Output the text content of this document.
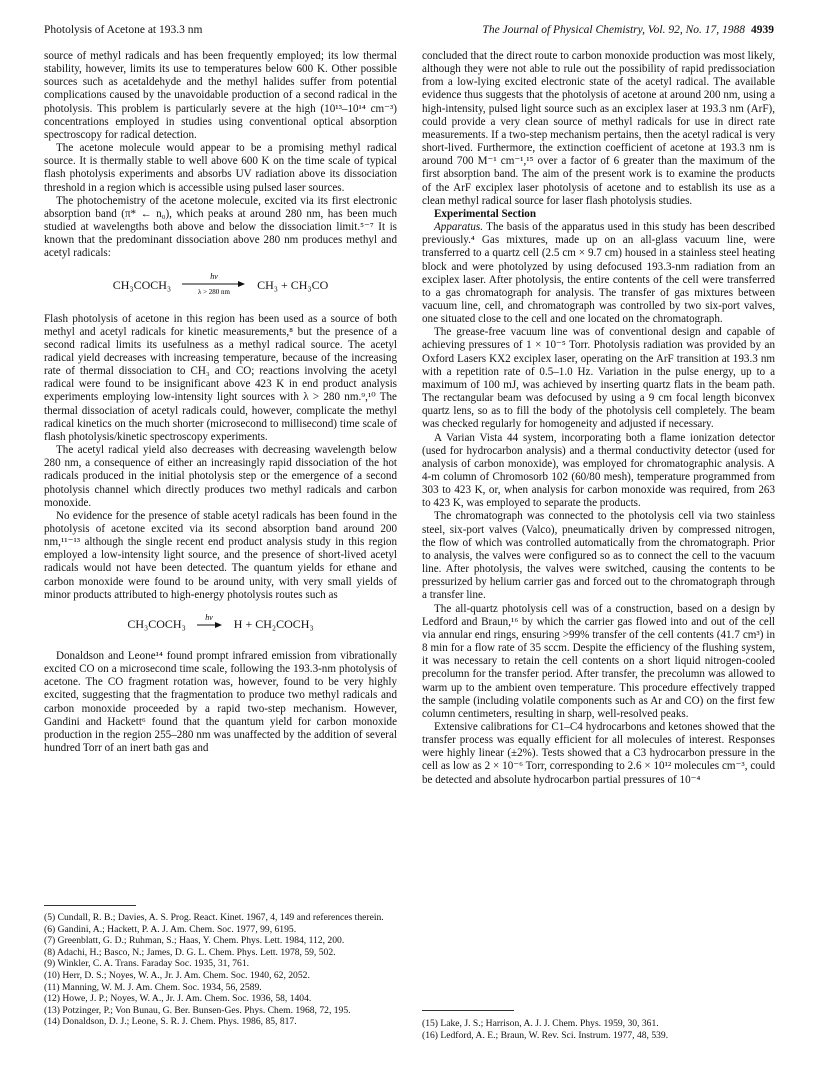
Photolysis of Acetone at 193.3 nm	The Journal of Physical Chemistry, Vol. 92, No. 17, 1988 4939

source of methyl radicals and has been frequently employed; its low thermal stability, however, limits its use to temperatures below 600 K. Other possible sources such as acetaldehyde and the methyl halides suffer from potential complications caused by the unavoidable production of a second radical in the photolysis. This problem is particularly severe at the high (10¹³–10¹⁴ cm⁻³) concentrations employed in studies using conventional optical absorption spectroscopy for radical detection.

The acetone molecule would appear to be a promising methyl radical source. It is thermally stable to well above 600 K on the time scale of typical flash photolysis experiments and absorbs UV radiation above its dissociation threshold in a region which is accessible using pulsed laser sources.

The photochemistry of the acetone molecule, excited via its first electronic absorption band (π* ← n₀), which peaks at around 280 nm, has been much studied at wavelengths both above and below the dissociation limit.⁵⁻⁷ It is known that the predominant dissociation above 280 nm produces methyl and acetyl radicals:

CH₃COCH₃
hν
λ > 280 nm
CH₃ + CH₃CO

Flash photolysis of acetone in this region has been used as a source of both methyl and acetyl radicals for kinetic measurements,⁸ but the presence of a second radical limits its usefulness as a methyl radical source. The acetyl radical yield decreases with increasing temperature, because of the increasing rate of thermal dissociation to CH₃ and CO; reactions involving the acetyl radical were found to be insignificant above 423 K in end product analysis experiments employing low-intensity light sources with λ > 280 nm.⁹,¹⁰ The thermal dissociation of acetyl radicals could, however, complicate the methyl radical kinetics on the much shorter (microsecond to millisecond) time scale of flash photolysis/kinetic spectroscopy experiments.

The acetyl radical yield also decreases with decreasing wavelength below 280 nm, a consequence of either an increasingly rapid dissociation of the hot radicals produced in the initial photolysis step or the emergence of a second photolysis channel which directly produces two methyl radicals and carbon monoxide.

No evidence for the presence of stable acetyl radicals has been found in the photolysis of acetone excited via its second absorption band around 200 nm,¹¹⁻¹³ although the single recent end product analysis study in this region employed a low-intensity light source, and the presence of short-lived acetyl radicals would not have been detected. The quantum yields for ethane and carbon monoxide were found to be around unity, with very small yields of minor products attributed to high-energy photolysis routes such as

CH₃COCH₃ hν H + CH₂COCH₃

Donaldson and Leone¹⁴ found prompt infrared emission from vibrationally excited CO on a microsecond time scale, following the 193.3-nm photolysis of acetone. The CO fragment rotation was, however, found to be very highly excited, suggesting that the fragmentation to produce two methyl radicals and carbon monoxide proceeded by a rapid two-step mechanism. However, Gandini and Hackett⁶ found that the quantum yield for carbon monoxide production in the region 255–280 nm was unaffected by the addition of several hundred Torr of an inert bath gas and

concluded that the direct route to carbon monoxide production was most likely, although they were not able to rule out the possibility of rapid predissociation from a low-lying excited electronic state of the acetyl radical. The available evidence thus suggests that the photolysis of acetone at around 200 nm, using a high-intensity, pulsed light source such as an exciplex laser at 193.3 nm (ArF), could provide a very clean source of methyl radicals for use in direct rate measurements. If a two-step mechanism pertains, then the acetyl radical is very short-lived. Furthermore, the extinction coefficient of acetone at 193.3 nm is around 700 M⁻¹ cm⁻¹,¹⁵ over a factor of 6 greater than the maximum of the first absorption band. The aim of the present work is to examine the products of the ArF exciplex laser photolysis of acetone and to establish its use as a clean methyl radical source for laser flash photolysis studies.

Experimental Section

Apparatus. The basis of the apparatus used in this study has been described previously.⁴ Gas mixtures, made up on an all-glass vacuum line, were transferred to a quartz cell (2.5 cm × 9.7 cm) housed in a stainless steel heating block and were photolyzed by using defocused 193.3-nm radiation from an exciplex laser. After photolysis, the entire contents of the cell were transferred to a gas chromatograph for analysis. The transfer of gas mixtures between vacuum line, cell, and chromatograph was controlled by two six-port valves, one situated close to the cell and one located on the chromatograph.

The grease-free vacuum line was of conventional design and capable of achieving pressures of 1 × 10⁻⁵ Torr. Photolysis radiation was provided by an Oxford Lasers KX2 exciplex laser, operating on the ArF transition at 193.3 nm with a repetition rate of 0.5–1.0 Hz. Variation in the pulse energy, up to a maximum of 100 mJ, was achieved by inserting quartz flats in the beam path. The rectangular beam was defocused by using a 9 cm focal length biconvex quartz lens, so as to fill the body of the photolysis cell completely. The beam was checked regularly for homogeneity and adjusted if necessary.

A Varian Vista 44 system, incorporating both a flame ionization detector (used for hydrocarbon analysis) and a thermal conductivity detector (used for analysis of carbon monoxide), was employed for chromatographic analysis. A 4-m column of Chromosorb 102 (60/80 mesh), temperature programmed from 303 to 423 K, or, when analysis for carbon monoxide was required, from 263 to 423 K, was employed to separate the products.

The chromatograph was connected to the photolysis cell via two stainless steel, six-port valves (Valco), pneumatically driven by compressed nitrogen, the flow of which was controlled automatically from the chromatograph. Prior to analysis, the valves were configured so as to connect the cell to the vacuum line. After photolysis, the valves were switched, causing the contents to be pressurized by helium carrier gas and forced out to the chromatograph through a transfer line.

The all-quartz photolysis cell was of a construction, based on a design by Ledford and Braun,¹⁶ by which the carrier gas flowed into and out of the cell via annular end rings, ensuring >99% transfer of the cell contents (41.7 cm³) in 8 min for a flow rate of 35 sccm. Despite the efficiency of the flushing system, it was necessary to retain the cell contents on a short liquid nitrogen-cooled precolumn for the transfer period. After transfer, the precolumn was allowed to warm up to the ambient oven temperature. This procedure effectively trapped the sample (including volatile components such as Ar and CO) on the first few column centimeters, resulting in sharp, well-resolved peaks.

Extensive calibrations for C1–C4 hydrocarbons and ketones showed that the transfer process was equally efficient for all molecules of interest. Responses were highly linear (±2%). Tests showed that a C3 hydrocarbon pressure in the cell as low as 2 × 10⁻⁶ Torr, corresponding to 2.6 × 10¹² molecules cm⁻³, could be detected and absolute hydrocarbon partial pressures of 10⁻⁴

(5) Cundall, R. B.; Davies, A. S. Prog. React. Kinet. 1967, 4, 149 and references therein.
(6) Gandini, A.; Hackett, P. A. J. Am. Chem. Soc. 1977, 99, 6195.
(7) Greenblatt, G. D.; Ruhman, S.; Haas, Y. Chem. Phys. Lett. 1984, 112, 200.
(8) Adachi, H.; Basco, N.; James, D. G. L. Chem. Phys. Lett. 1978, 59, 502.
(9) Winkler, C. A. Trans. Faraday Soc. 1935, 31, 761.
(10) Herr, D. S.; Noyes, W. A., Jr. J. Am. Chem. Soc. 1940, 62, 2052.
(11) Manning, W. M. J. Am. Chem. Soc. 1934, 56, 2589.
(12) Howe, J. P.; Noyes, W. A., Jr. J. Am. Chem. Soc. 1936, 58, 1404.
(13) Potzinger, P.; Von Bunau, G. Ber. Bunsen-Ges. Phys. Chem. 1968, 72, 195.
(14) Donaldson, D. J.; Leone, S. R. J. Chem. Phys. 1986, 85, 817.	(15) Lake, J. S.; Harrison, A. J. J. Chem. Phys. 1959, 30, 361.
(16) Ledford, A. E.; Braun, W. Rev. Sci. Instrum. 1977, 48, 539.
